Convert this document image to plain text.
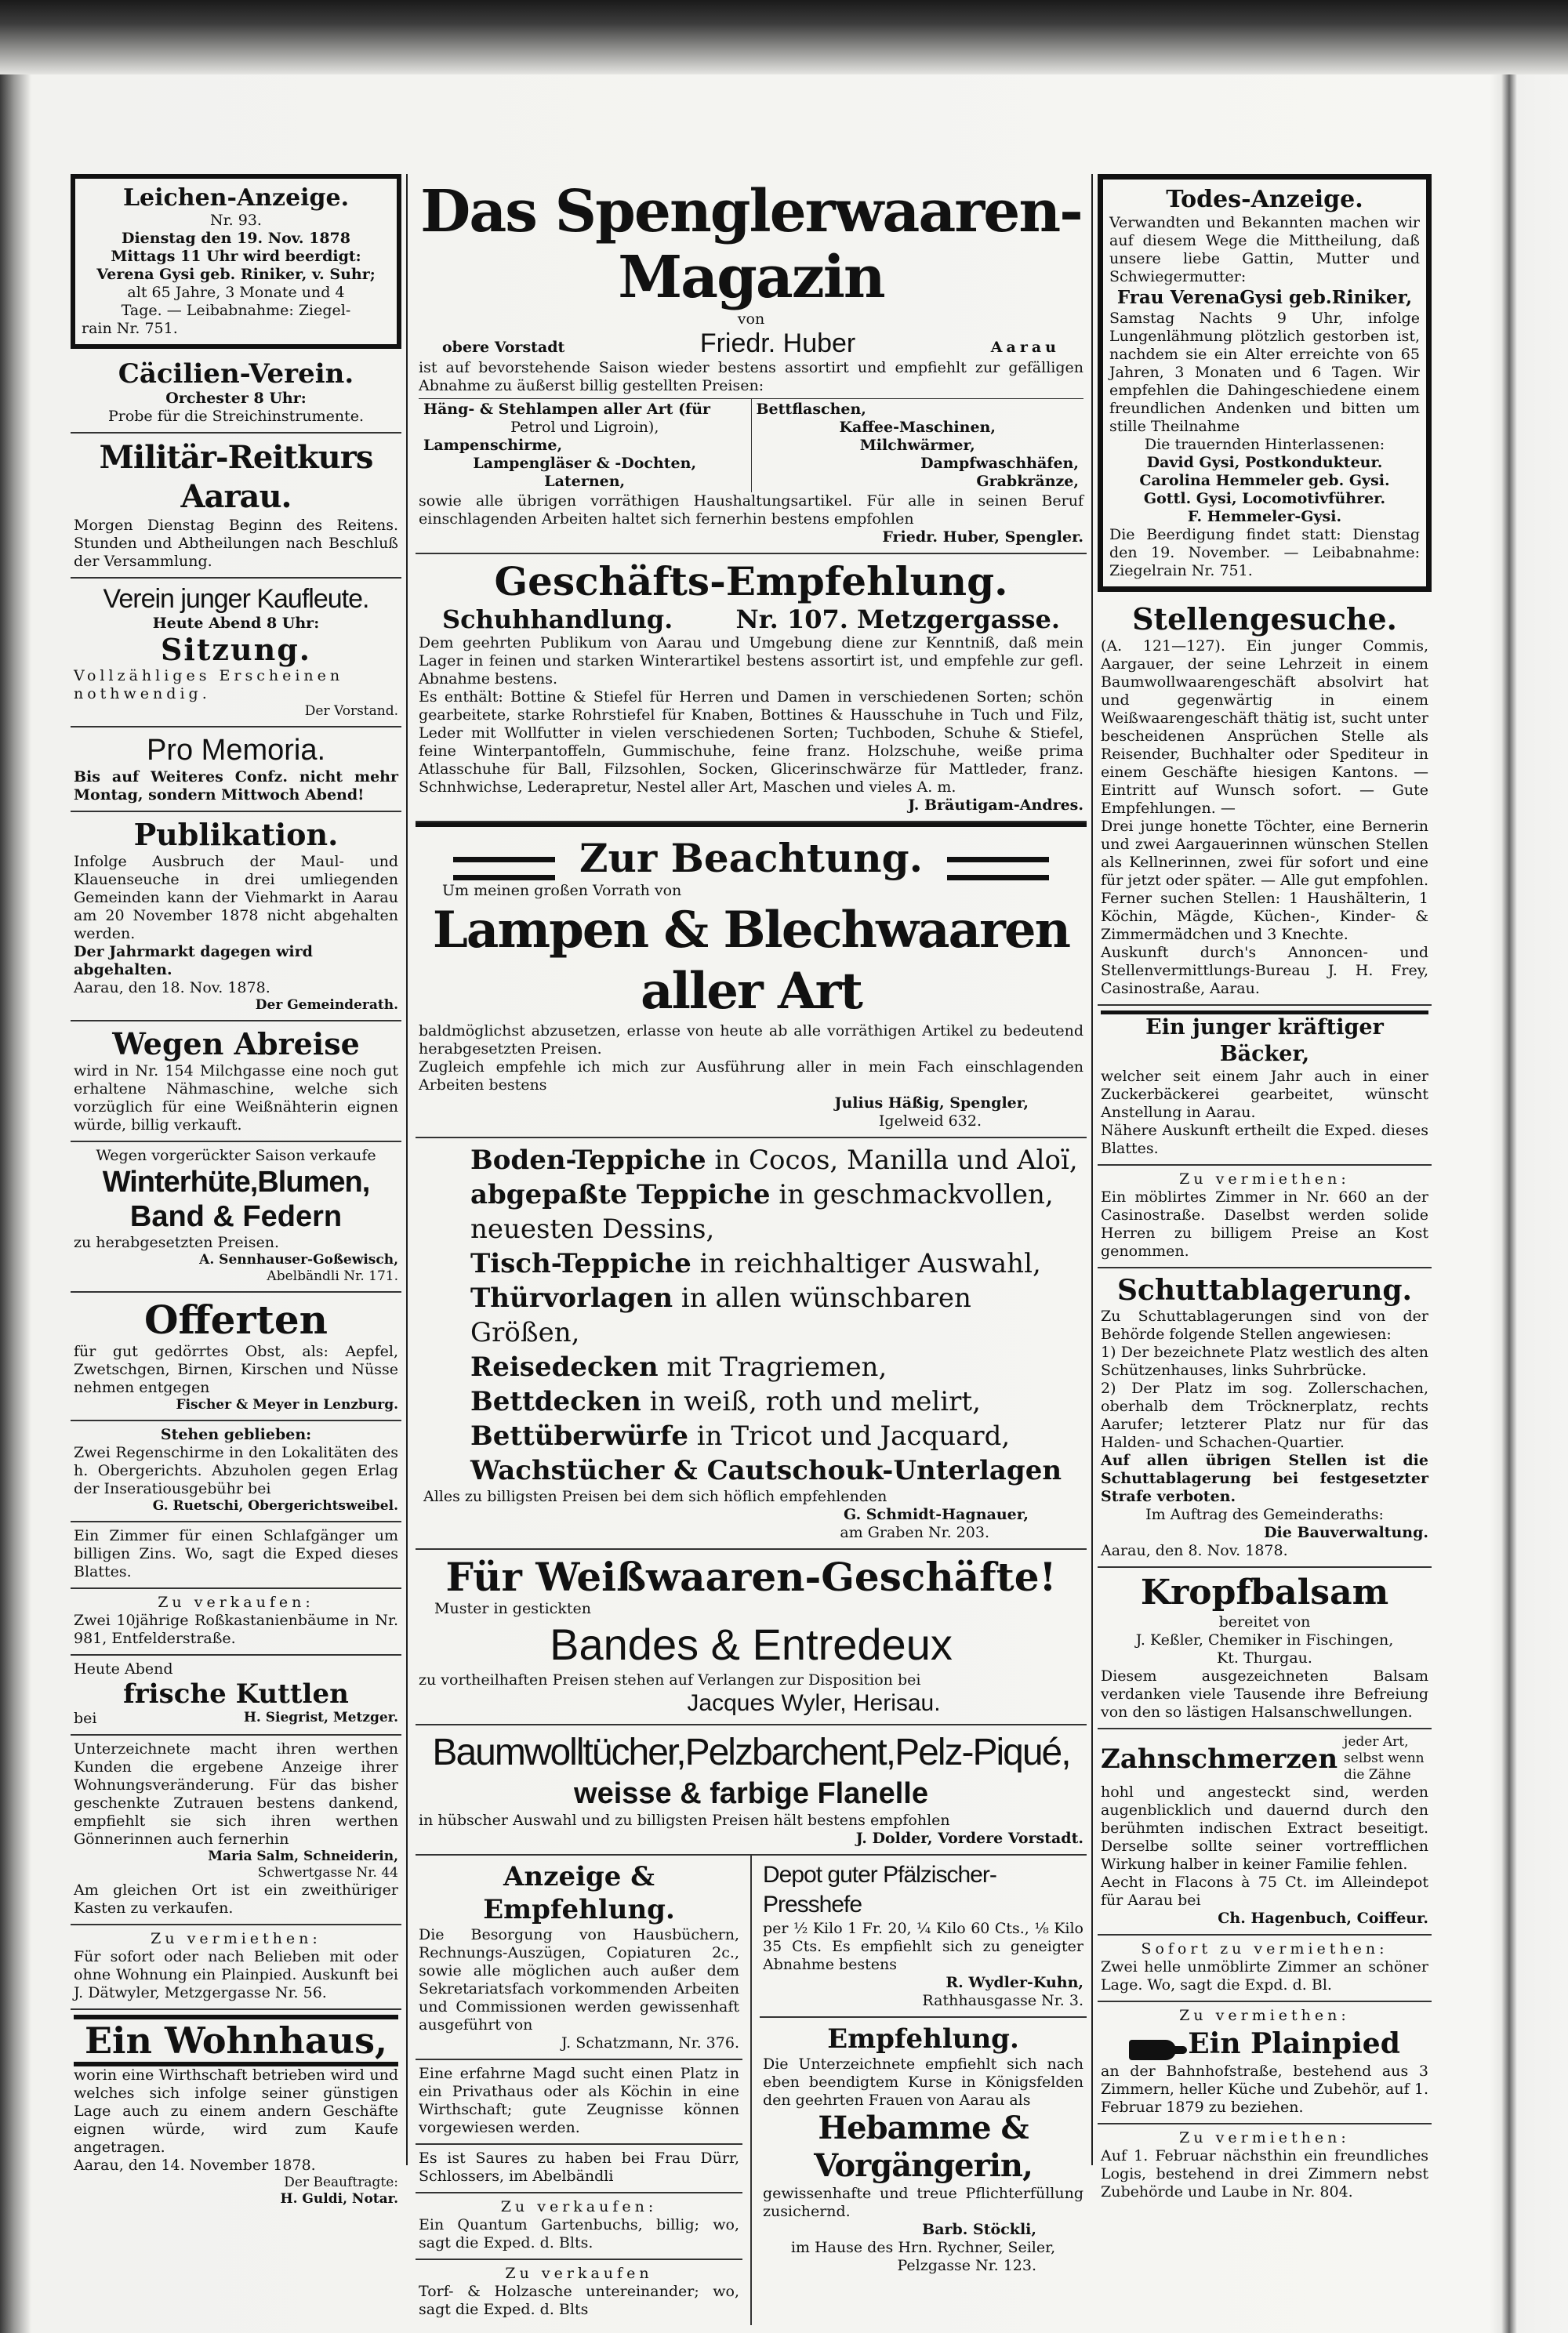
Leichen-Anzeige.

Nr. 93.

Dienstag den 19. Nov. 1878

Mittags 11 Uhr wird beerdigt:

Verena Gysi geb. Riniker, v. Suhr;

alt 65 Jahre, 3 Monate und 4

Tage. — Leibabnahme: Ziegel-

rain Nr. 751.

Cäcilien-Verein.

Orchester 8 Uhr:

Probe für die Streichinstrumente.

Militär-Reitkurs Aarau.

Morgen Dienstag Beginn des Reitens. Stunden und Abtheilungen nach Beschluß der Versammlung.

Verein junger Kaufleute.

Heute Abend 8 Uhr:

Sitzung.

Vollzähliges Erscheinen

nothwendig.

Der Vorstand.

Pro Memoria.

Bis auf Weiteres Confz. nicht mehr Montag, sondern Mittwoch Abend!

Publikation.

Infolge Ausbruch der Maul- und Klauenseuche in drei umliegenden Gemeinden kann der Viehmarkt in Aarau am 20 November 1878 nicht abgehalten werden.

Der Jahrmarkt dagegen wird abgehalten.

Aarau, den 18. Nov. 1878.

Der Gemeinderath.

Wegen Abreise

wird in Nr. 154 Milchgasse eine noch gut erhaltene Nähmaschine, welche sich vorzüglich für eine Weißnähterin eignen würde, billig verkauft.

Wegen vorgerückter Saison verkaufe

Winterhüte,Blumen,

Band & Federn

zu herabgesetzten Preisen.

A. Sennhauser-Goßewisch,

Abelbändli Nr. 171.

Offerten

für gut gedörrtes Obst, als: Aepfel, Zwetschgen, Birnen, Kirschen und Nüsse nehmen entgegen

Fischer & Meyer in Lenzburg.

Stehen geblieben:

Zwei Regenschirme in den Lokalitäten des h. Obergerichts. Abzuholen gegen Erlag der Inseratiousgebühr bei

G. Ruetschi, Obergerichtsweibel.

Ein Zimmer für einen Schlafgänger um billigen Zins. Wo, sagt die Exped dieses Blattes.

Zu verkaufen:

Zwei 10jährige Roßkastanienbäume in Nr. 981, Entfelderstraße.

Heute Abend

frische Kuttlen

bei	H. Siegrist, Metzger.

Unterzeichnete macht ihren werthen Kunden die ergebene Anzeige ihrer Wohnungsveränderung. Für das bisher geschenkte Zutrauen bestens dankend, empfiehlt sie sich ihren werthen Gönnerinnen auch fernerhin

Maria Salm, Schneiderin,

Schwertgasse Nr. 44

Am gleichen Ort ist ein zweithüriger Kasten zu verkaufen.

Zu vermiethen:

Für sofort oder nach Belieben mit oder ohne Wohnung ein Plainpied. Auskunft bei J. Dätwyler, Metzgergasse Nr. 56.

Ein Wohnhaus,

worin eine Wirthschaft betrieben wird und welches sich infolge seiner günstigen Lage auch zu einem andern Geschäfte eignen würde, wird zum Kaufe angetragen.

Aarau, den 14. November 1878.

Der Beauftragte:

H. Guldi, Notar.

Das Spenglerwaaren-Magazin

von

obere Vorstadt	Friedr. Huber	Aarau

ist auf bevorstehende Saison wieder bestens assortirt und empfiehlt zur gefälligen Abnahme zu äußerst billig gestellten Preisen:

Häng- & Stehlampen aller Art (für

Petrol und Ligroin),

Lampenschirme,

Lampengläser & -Dochten,

Laternen,

Bettflaschen,

Kaffee-Maschinen,

Milchwärmer,

Dampfwaschhäfen,

Grabkränze,

sowie alle übrigen vorräthigen Haushaltungsartikel. Für alle in seinen Beruf einschlagenden Arbeiten haltet sich fernerhin bestens empfohlen

Friedr. Huber, Spengler.

Geschäfts-Empfehlung.

Schuhhandlung.	Nr. 107. Metzgergasse.

Dem geehrten Publikum von Aarau und Umgebung diene zur Kenntniß, daß mein Lager in feinen und starken Winterartikel bestens assortirt ist, und empfehle zur gefl. Abnahme bestens.

Es enthält: Bottine & Stiefel für Herren und Damen in verschiedenen Sorten; schön gearbeitete, starke Rohrstiefel für Knaben, Bottines & Hausschuhe in Tuch und Filz, Leder mit Wollfutter in vielen verschiedenen Sorten; Tuchboden, Schuhe & Stiefel, feine Winterpantoffeln, Gummischuhe, feine franz. Holzschuhe, weiße prima Atlasschuhe für Ball, Filzsohlen, Socken, Glicerinschwärze für Mattleder, franz. Schnhwichse, Lederapretur, Nestel aller Art, Maschen und vieles A. m.

J. Bräutigam-Andres.

Zur Beachtung.

Um meinen großen Vorrath von

Lampen & Blechwaaren aller Art

baldmöglichst abzusetzen, erlasse von heute ab alle vorräthigen Artikel zu bedeutend herabgesetzten Preisen.

Zugleich empfehle ich mich zur Ausführung aller in mein Fach einschlagenden Arbeiten bestens

Julius Häßig, Spengler,

Igelweid 632.

Boden-Teppiche in Cocos, Manilla und Aloï,

abgepaßte Teppiche in geschmackvollen, neuesten Dessins,

Tisch-Teppiche in reichhaltiger Auswahl,

Thürvorlagen in allen wünschbaren Größen,

Reisedecken mit Tragriemen,

Bettdecken in weiß, roth und melirt,

Bettüberwürfe in Tricot und Jacquard,

Wachstücher & Cautschouk-Unterlagen

Alles zu billigsten Preisen bei dem sich höflich empfehlenden

G. Schmidt-Hagnauer,

am Graben Nr. 203.

Für Weißwaaren-Geschäfte!

Muster in gestickten

Bandes & Entredeux

zu vortheilhaften Preisen stehen auf Verlangen zur Disposition bei

Jacques Wyler, Herisau.

Baumwolltücher,Pelzbarchent,Pelz-Piqué,

weisse & farbige Flanelle

in hübscher Auswahl und zu billigsten Preisen hält bestens empfohlen

J. Dolder, Vordere Vorstadt.

Anzeige & Empfehlung.

Die Besorgung von Hausbüchern, Rechnungs-Auszügen, Copiaturen 2c., sowie alle möglichen auch außer dem Sekretariatsfach vorkommenden Arbeiten und Commissionen werden gewissenhaft ausgeführt von

J. Schatzmann, Nr. 376.

Eine erfahrne Magd sucht einen Platz in ein Privathaus oder als Köchin in eine Wirthschaft; gute Zeugnisse können vorgewiesen werden.

Es ist Saures zu haben bei Frau Dürr, Schlossers, im Abelbändli

Zu verkaufen:

Ein Quantum Gartenbuchs, billig; wo, sagt die Exped. d. Blts.

Zu verkaufen

Torf- & Holzasche untereinander; wo, sagt die Exped. d. Blts

Depot guter Pfälzischer-Presshefe

per ½ Kilo 1 Fr. 20, ¼ Kilo 60 Cts., ⅛ Kilo 35 Cts. Es empfiehlt sich zu geneigter Abnahme bestens

R. Wydler-Kuhn,

Rathhausgasse Nr. 3.

Empfehlung.

Die Unterzeichnete empfiehlt sich nach eben beendigtem Kurse in Königsfelden den geehrten Frauen von Aarau als

Hebamme & Vorgängerin,

gewissenhafte und treue Pflichterfüllung zusichernd.

Barb. Stöckli,

im Hause des Hrn. Rychner, Seiler,

Pelzgasse Nr. 123.

Todes-Anzeige.

Verwandten und Bekannten machen wir auf diesem Wege die Mittheilung, daß unsere liebe Gattin, Mutter und Schwiegermutter:

Frau VerenaGysi geb.Riniker,

Samstag Nachts 9 Uhr, infolge Lungenlähmung plötzlich gestorben ist, nachdem sie ein Alter erreichte von 65 Jahren, 3 Monaten und 6 Tagen. Wir empfehlen die Dahingeschiedene einem freundlichen Andenken und bitten um stille Theilnahme

Die trauernden Hinterlassenen:

David Gysi, Postkondukteur.

Carolina Hemmeler geb. Gysi.

Gottl. Gysi, Locomotivführer.

F. Hemmeler-Gysi.

Die Beerdigung findet statt: Dienstag den 19. November. — Leibabnahme: Ziegelrain Nr. 751.

Stellengesuche.

(A. 121—127). Ein junger Commis, Aargauer, der seine Lehrzeit in einem Baumwollwaarengeschäft absolvirt hat und gegenwärtig in einem Weißwaarengeschäft thätig ist, sucht unter bescheidenen Ansprüchen Stelle als Reisender, Buchhalter oder Spediteur in einem Geschäfte hiesigen Kantons. — Eintritt auf Wunsch sofort. — Gute Empfehlungen. —

Drei junge honette Töchter, eine Bernerin und zwei Aargauerinnen wünschen Stellen als Kellnerinnen, zwei für sofort und eine für jetzt oder später. — Alle gut empfohlen.

Ferner suchen Stellen: 1 Haushälterin, 1 Köchin, Mägde, Küchen-, Kinder- & Zimmermädchen und 3 Knechte.

Auskunft durch's Annoncen- und Stellenvermittlungs-Bureau J. H. Frey, Casinostraße, Aarau.

Ein junger kräftiger Bäcker,

welcher seit einem Jahr auch in einer Zuckerbäckerei gearbeitet, wünscht Anstellung in Aarau.

Nähere Auskunft ertheilt die Exped. dieses Blattes.

Zu vermiethen:

Ein möblirtes Zimmer in Nr. 660 an der Casinostraße. Daselbst werden solide Herren zu billigem Preise an Kost genommen.

Schuttablagerung.

Zu Schuttablagerungen sind von der Behörde folgende Stellen angewiesen:

1) Der bezeichnete Platz westlich des alten Schützenhauses, links Suhrbrücke.

2) Der Platz im sog. Zollerschachen, oberhalb dem Tröcknerplatz, rechts Aarufer; letzterer Platz nur für das Halden- und Schachen-Quartier.

Auf allen übrigen Stellen ist die Schuttablagerung bei festgesetzter Strafe verboten.

Im Auftrag des Gemeinderaths:

Die Bauverwaltung.

Aarau, den 8. Nov. 1878.

Kropfbalsam

bereitet von

J. Keßler, Chemiker in Fischingen,

Kt. Thurgau.

Diesem ausgezeichneten Balsam verdanken viele Tausende ihre Befreiung von den so lästigen Halsanschwellungen.

Zahnschmerzen
jeder Art, selbst wenn die Zähne

hohl und angesteckt sind, werden augenblicklich und dauernd durch den berühmten indischen Extract beseitigt. Derselbe sollte seiner vortrefflichen Wirkung halber in keiner Familie fehlen.

Aecht in Flacons à 75 Ct. im Alleindepot für Aarau bei

Ch. Hagenbuch, Coiffeur.

Sofort zu vermiethen:

Zwei helle unmöblirte Zimmer an schöner Lage. Wo, sagt die Expd. d. Bl.

Zu vermiethen:

Ein Plainpied

an der Bahnhofstraße, bestehend aus 3 Zimmern, heller Küche und Zubehör, auf 1. Februar 1879 zu beziehen.

Zu vermiethen:

Auf 1. Februar nächsthin ein freundliches Logis, bestehend in drei Zimmern nebst Zubehörde und Laube in Nr. 804.
